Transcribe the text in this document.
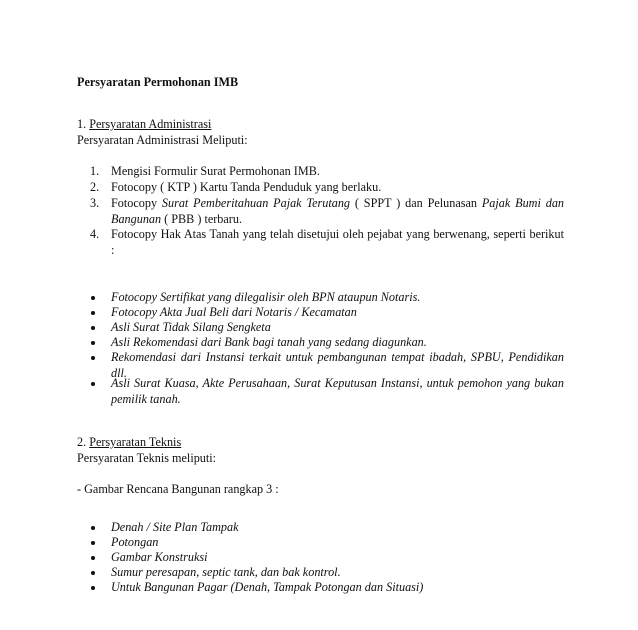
Persyaratan Permohonan IMB
1. Persyaratan Administrasi
Persyaratan Administrasi Meliputi:
1. Mengisi Formulir Surat Permohonan IMB.
2. Fotocopy ( KTP ) Kartu Tanda Penduduk yang berlaku.
3. Fotocopy Surat Pemberitahuan Pajak Terutang ( SPPT ) dan Pelunasan Pajak Bumi dan Bangunan ( PBB ) terbaru.
4. Fotocopy Hak Atas Tanah yang telah disetujui oleh pejabat yang berwenang, seperti berikut :
Fotocopy Sertifikat yang dilegalisir oleh BPN ataupun Notaris.
Fotocopy Akta Jual Beli dari Notaris / Kecamatan
Asli Surat Tidak Silang Sengketa
Asli Rekomendasi dari Bank bagi tanah yang sedang diagunkan.
Rekomendasi dari Instansi terkait untuk pembangunan tempat ibadah, SPBU, Pendidikan dll.
Asli Surat Kuasa, Akte Perusahaan, Surat Keputusan Instansi, untuk pemohon yang bukan pemilik tanah.
2. Persyaratan Teknis
Persyaratan Teknis meliputi:
- Gambar Rencana Bangunan rangkap 3 :
Denah / Site Plan Tampak
Potongan
Gambar Konstruksi
Sumur peresapan, septic tank, dan bak kontrol.
Untuk Bangunan Pagar (Denah, Tampak Potongan dan Situasi)
